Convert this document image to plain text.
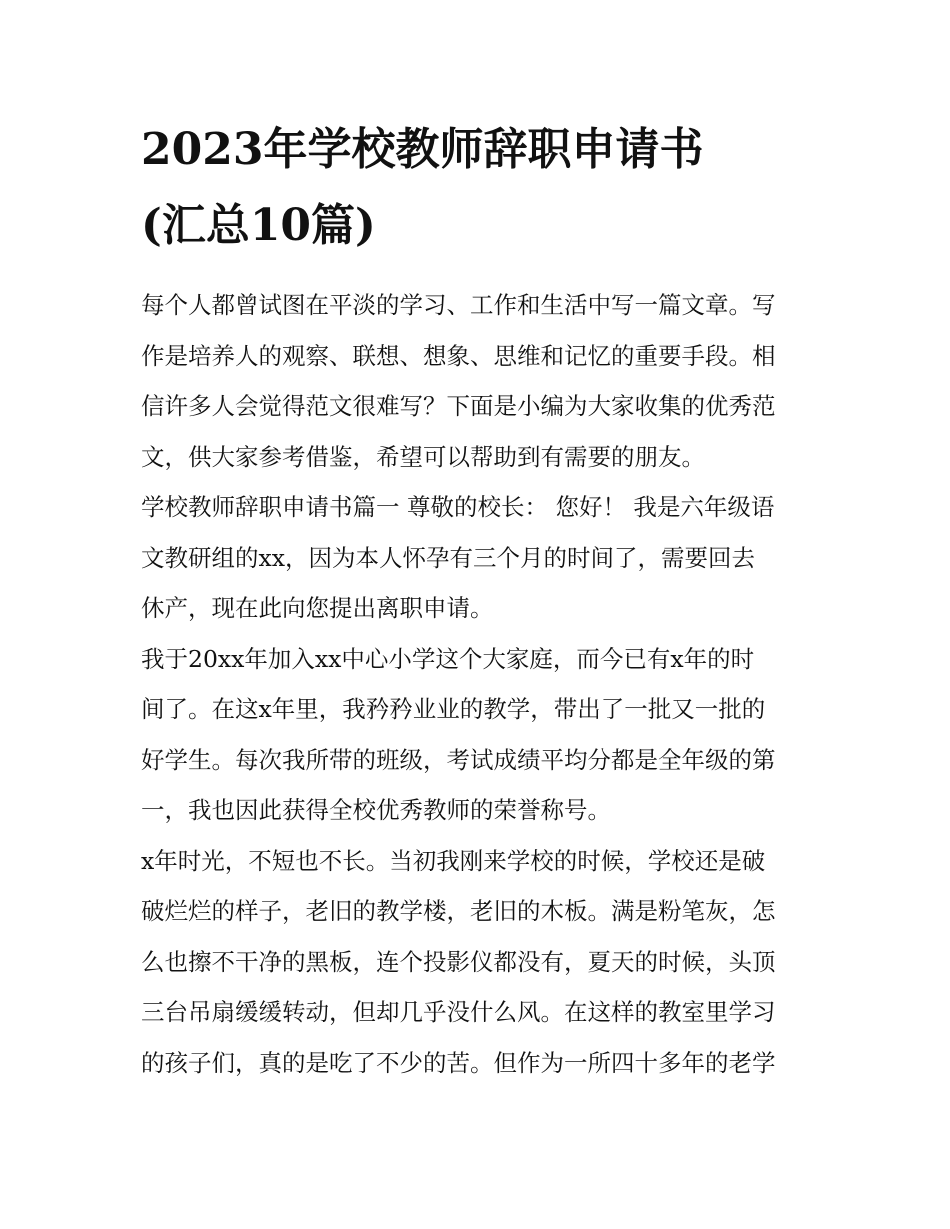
2023年学校教师辞职申请书
(汇总10篇)
每个人都曾试图在平淡的学习、工作和生活中写一篇文章。写
作是培养人的观察、联想、想象、思维和记忆的重要手段。相
信许多人会觉得范文很难写？下面是小编为大家收集的优秀范
文，供大家参考借鉴，希望可以帮助到有需要的朋友。
学校教师辞职申请书篇一 尊敬的校长： 您好！ 我是六年级语
文教研组的xx，因为本人怀孕有三个月的时间了，需要回去
休产，现在此向您提出离职申请。
我于20xx年加入xx中心小学这个大家庭，而今已有x年的时
间了。在这x年里，我矜矜业业的教学，带出了一批又一批的
好学生。每次我所带的班级，考试成绩平均分都是全年级的第
一，我也因此获得全校优秀教师的荣誉称号。
x年时光，不短也不长。当初我刚来学校的时候，学校还是破
破烂烂的样子，老旧的教学楼，老旧的木板。满是粉笔灰，怎
么也擦不干净的黑板，连个投影仪都没有，夏天的时候，头顶
三台吊扇缓缓转动，但却几乎没什么风。在这样的教室里学习
的孩子们，真的是吃了不少的苦。但作为一所四十多年的老学
